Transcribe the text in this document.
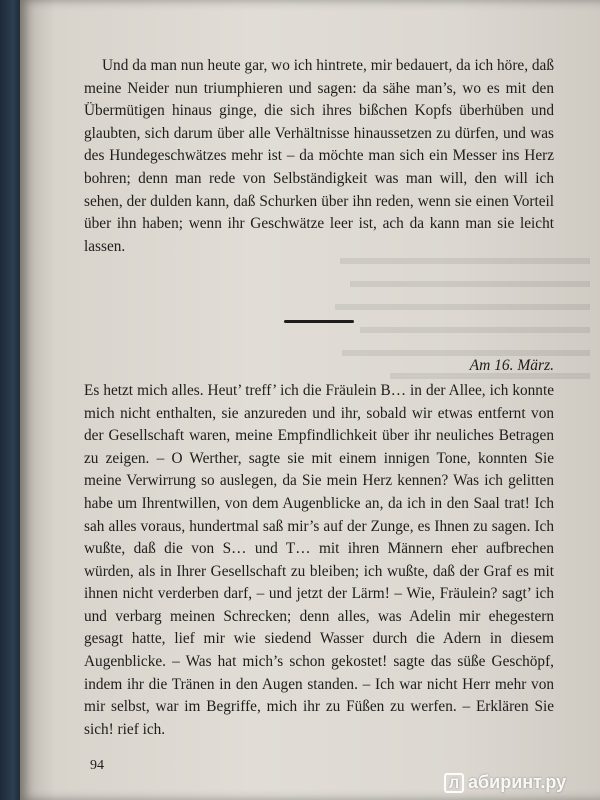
Und da man nun heute gar, wo ich hintrete, mir bedauert, da ich höre, daß meine Neider nun triumphieren und sagen: da sähe man’s, wo es mit den Übermütigen hinaus ginge, die sich ihres bißchen Kopfs überhüben und glaubten, sich darum über alle Verhältnisse hinaussetzen zu dürfen, und was des Hundegeschwätzes mehr ist – da möchte man sich ein Messer ins Herz bohren; denn man rede von Selbständigkeit was man will, den will ich sehen, der dulden kann, daß Schurken über ihn reden, wenn sie einen Vorteil über ihn haben; wenn ihr Geschwätze leer ist, ach da kann man sie leicht lassen.

Am 16. März.

Es hetzt mich alles. Heut’ treff’ ich die Fräulein B… in der Allee, ich konnte mich nicht enthalten, sie anzureden und ihr, sobald wir etwas entfernt von der Gesellschaft waren, meine Empfindlichkeit über ihr neuliches Betragen zu zeigen. – O Werther, sagte sie mit einem innigen Tone, konnten Sie meine Verwirrung so auslegen, da Sie mein Herz kennen? Was ich gelitten habe um Ihrentwillen, von dem Augenblicke an, da ich in den Saal trat! Ich sah alles voraus, hundertmal saß mir’s auf der Zunge, es Ihnen zu sagen. Ich wußte, daß die von S… und T… mit ihren Männern eher aufbrechen würden, als in Ihrer Gesellschaft zu bleiben; ich wußte, daß der Graf es mit ihnen nicht verderben darf, – und jetzt der Lärm! – Wie, Fräulein? sagt’ ich und verbarg meinen Schrecken; denn alles, was Adelin mir ehegestern gesagt hatte, lief mir wie siedend Wasser durch die Adern in diesem Augenblicke. – Was hat mich’s schon gekostet! sagte das süße Geschöpf, indem ihr die Tränen in den Augen standen. – Ich war nicht Herr mehr von mir selbst, war im Begriffe, mich ihr zu Füßen zu werfen. – Erklären Sie sich! rief ich.

94
Л абиринт.ру
